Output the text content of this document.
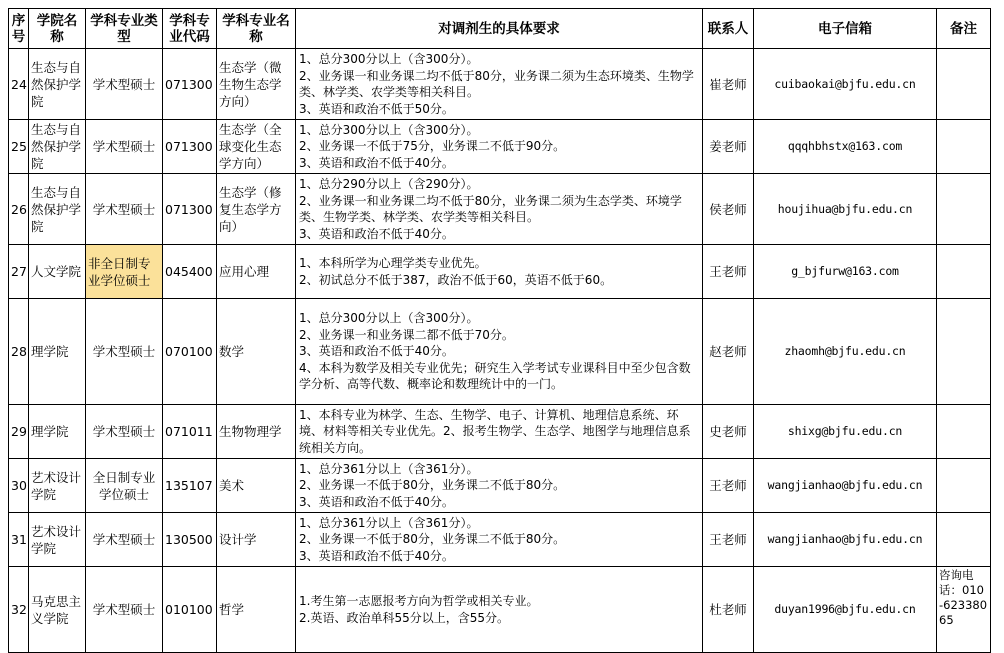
序号	学院名称	学科专业类型	学科专业代码	学科专业名称	对调剂生的具体要求	联系人	电子信箱	备注
24	生态与自然保护学院	学术型硕士	071300	生态学（微生物生态学方向）	1、总分300分以上（含300分）。
2、业务课一和业务课二均不低于80分，业务课二须为生态环境类、生物学类、林学类、农学类等相关科目。
3、英语和政治不低于50分。	崔老师	cuibaokai@bjfu.edu.cn	
25	生态与自然保护学院	学术型硕士	071300	生态学（全球变化生态学方向）	1、总分300分以上（含300分）。
2、业务课一不低于75分，业务课二不低于90分。
3、英语和政治不低于40分。	姜老师	qqqhbhstx@163.com	
26	生态与自然保护学院	学术型硕士	071300	生态学（修复生态学方向）	1、总分290分以上（含290分）。
2、业务课一和业务课二均不低于80分，业务课二须为生态学类、环境学类、生物学类、林学类、农学类等相关科目。
3、英语和政治不低于40分。	侯老师	houjihua@bjfu.edu.cn	
27	人文学院	非全日制专业学位硕士	045400	应用心理	1、本科所学为心理学类专业优先。
2、初试总分不低于387，政治不低于60，英语不低于60。	王老师	g_bjfurw@163.com	
28	理学院	学术型硕士	070100	数学	1、总分300分以上（含300分）。
2、业务课一和业务课二都不低于70分。
3、英语和政治不低于40分。
4、本科为数学及相关专业优先；研究生入学考试专业课科目中至少包含数学分析、高等代数、概率论和数理统计中的一门。	赵老师	zhaomh@bjfu.edu.cn	
29	理学院	学术型硕士	071011	生物物理学	1、本科专业为林学、生态、生物学、电子、计算机、地理信息系统、环境、材料等相关专业优先。2、报考生物学、生态学、地图学与地理信息系统相关方向。	史老师	shixg@bjfu.edu.cn	
30	艺术设计学院	全日制专业学位硕士	135107	美术	1、总分361分以上（含361分）。
2、业务课一不低于80分，业务课二不低于80分。
3、英语和政治不低于40分。	王老师	wangjianhao@bjfu.edu.cn	
31	艺术设计学院	学术型硕士	130500	设计学	1、总分361分以上（含361分）。
2、业务课一不低于80分，业务课二不低于80分。
3、英语和政治不低于40分。	王老师	wangjianhao@bjfu.edu.cn	
32	马克思主义学院	学术型硕士	010100	哲学	1.考生第一志愿报考方向为哲学或相关专业。
2.英语、政治单科55分以上，含55分。	杜老师	duyan1996@bjfu.edu.cn	咨询电话：010-62338065
